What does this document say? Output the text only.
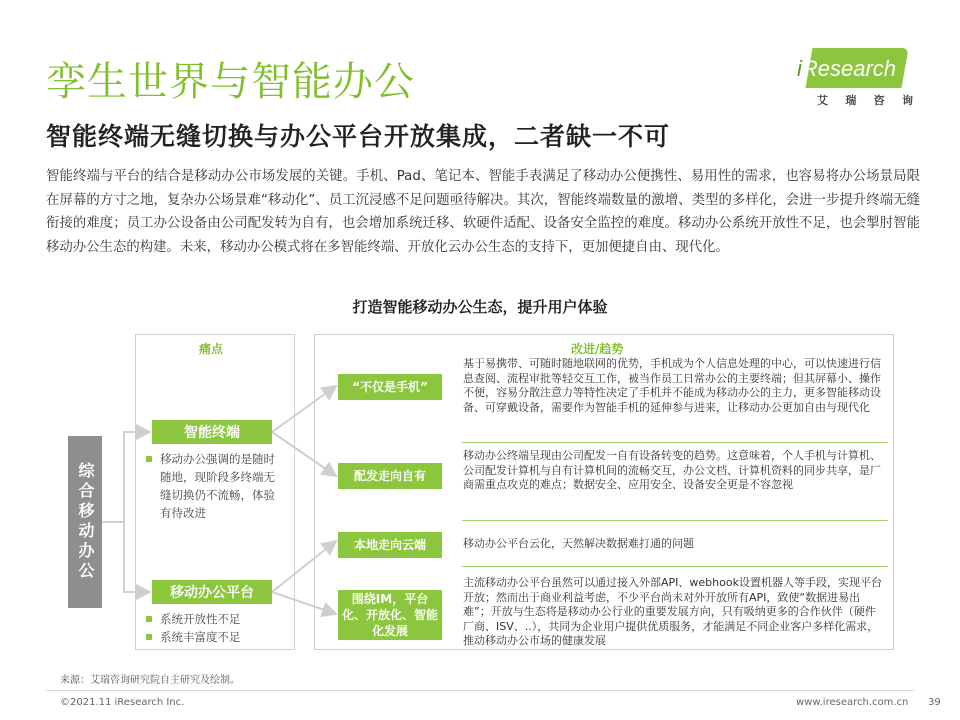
孪生世界与智能办公
智能终端无缝切换与办公平台开放集成，二者缺一不可
iResearch
艾 瑞 咨 询

智能终端与平台的结合是移动办公市场发展的关键。手机、Pad、笔记本、智能手表满足了移动办公便携性、易用性的需求，也容易将办公场景局限在屏幕的方寸之地，复杂办公场景难“移动化”、员工沉浸感不足问题亟待解决。其次，智能终端数量的激增、类型的多样化，会进一步提升终端无缝衔接的难度；员工办公设备由公司配发转为自有，也会增加系统迁移、软硬件适配、设备安全监控的难度。移动办公系统开放性不足，也会掣肘智能移动办公生态的构建。未来，移动办公模式将在多智能终端、开放化云办公生态的支持下，更加便捷自由、现代化。

打造智能移动办公生态，提升用户体验
痛点	改进/趋势
综合移动办公
智能终端
移动办公强调的是随时随地，现阶段多终端无缝切换仍不流畅，体验有待改进
移动办公平台
系统开放性不足
系统丰富度不足
“不仅是手机”
配发走向自有
本地走向云端
围绕IM，平台化、开放化、智能化发展
基于易携带、可随时随地联网的优势，手机成为个人信息处理的中心，可以快速进行信息查阅、流程审批等轻交互工作，被当作员工日常办公的主要终端；但其屏幕小、操作不便，容易分散注意力等特性决定了手机并不能成为移动办公的主力，更多智能移动设备、可穿戴设备，需要作为智能手机的延伸参与进来，让移动办公更加自由与现代化
移动办公终端呈现由公司配发一自有设备转变的趋势。这意味着，个人手机与计算机、公司配发计算机与自有计算机间的流畅交互，办公文档、计算机资料的同步共享，是厂商需重点攻克的难点；数据安全、应用安全、设备安全更是不容忽视
移动办公平台云化，天然解决数据难打通的问题
主流移动办公平台虽然可以通过接入外部API、webhook设置机器人等手段，实现平台开放；然而出于商业利益考虑，不少平台尚未对外开放所有API，致使“数据进易出难”；开放与生态将是移动办公行业的重要发展方向，只有吸纳更多的合作伙伴（硬件厂商、ISV、..），共同为企业用户提供优质服务，才能满足不同企业客户多样化需求，推动移动办公市场的健康发展
来源：艾瑞咨询研究院自主研究及绘制。
©2021.11 iResearch Inc.	www.iresearch.com.cn 39
